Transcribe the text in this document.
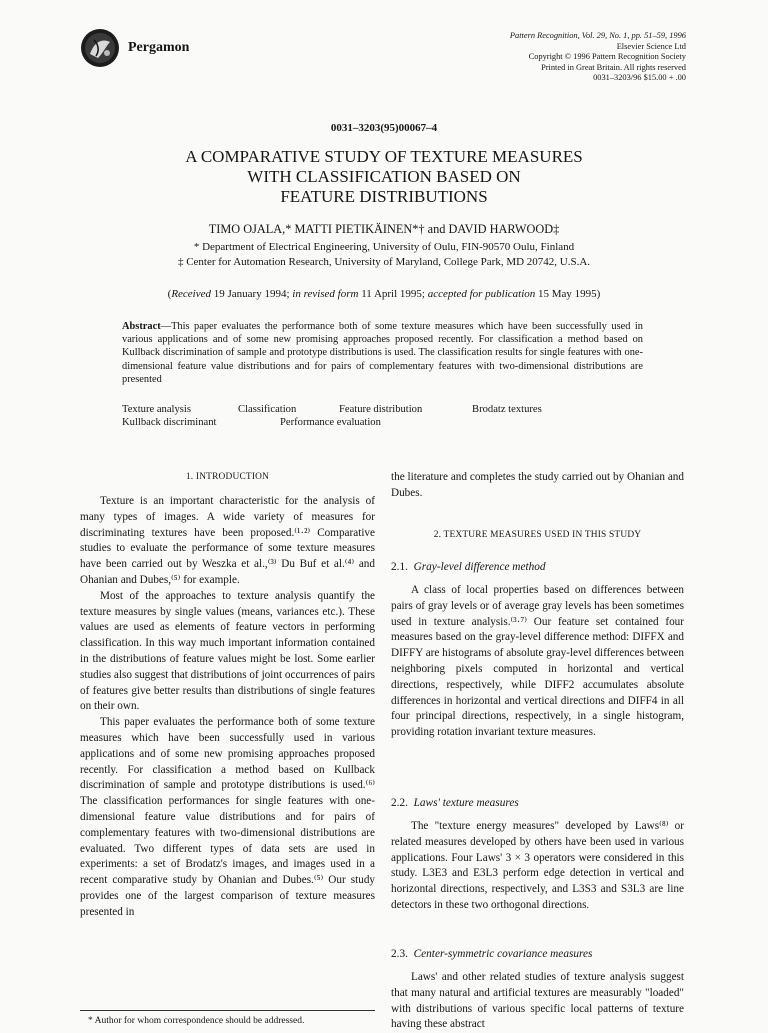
Pergamon
Pattern Recognition, Vol. 29, No. 1, pp. 51–59, 1996
Elsevier Science Ltd
Copyright © 1996 Pattern Recognition Society
Printed in Great Britain. All rights reserved
0031–3203/96 $15.00 + .00
0031–3203(95)00067–4
A COMPARATIVE STUDY OF TEXTURE MEASURES
WITH CLASSIFICATION BASED ON
FEATURE DISTRIBUTIONS
TIMO OJALA,* MATTI PIETIKÄINEN*† and DAVID HARWOOD‡
* Department of Electrical Engineering, University of Oulu, FIN-90570 Oulu, Finland
‡ Center for Automation Research, University of Maryland, College Park, MD 20742, U.S.A.
(Received 19 January 1994; in revised form 11 April 1995; accepted for publication 15 May 1995)
Abstract—This paper evaluates the performance both of some texture measures which have been successfully used in various applications and of some new promising approaches proposed recently. For classification a method based on Kullback discrimination of sample and prototype distributions is used. The classification results for single features with one-dimensional feature value distributions and for pairs of complementary features with two-dimensional distributions are presented
Texture analysis	Classification	Feature distribution	Brodatz textures
Kullback discriminant	Performance evaluation
1. INTRODUCTION

Texture is an important characteristic for the analysis of many types of images. A wide variety of measures for discriminating textures have been proposed.⁽¹·²⁾ Comparative studies to evaluate the performance of some texture measures have been carried out by Weszka et al.,⁽³⁾ Du Buf et al.⁽⁴⁾ and Ohanian and Dubes,⁽⁵⁾ for example.

Most of the approaches to texture analysis quantify the texture measures by single values (means, variances etc.). These values are used as elements of feature vectors in performing classification. In this way much important information contained in the distributions of feature values might be lost. Some earlier studies also suggest that distributions of joint occurrences of pairs of features give better results than distributions of single features on their own.

This paper evaluates the performance both of some texture measures which have been successfully used in various applications and of some new promising approaches proposed recently. For classification a method based on Kullback discrimination of sample and prototype distributions is used.⁽⁶⁾ The classification performances for single features with one-dimensional feature value distributions and for pairs of complementary features with two-dimensional distributions are evaluated. Two different types of data sets are used in experiments: a set of Brodatz's images, and images used in a recent comparative study by Ohanian and Dubes.⁽⁵⁾ Our study provides one of the largest comparison of texture measures presented in

* Author for whom correspondence should be addressed.

the literature and completes the study carried out by Ohanian and Dubes.

2. TEXTURE MEASURES USED IN THIS STUDY
2.1. Gray-level difference method

A class of local properties based on differences between pairs of gray levels or of average gray levels has been sometimes used in texture analysis.⁽³·⁷⁾ Our feature set contained four measures based on the gray-level difference method: DIFFX and DIFFY are histograms of absolute gray-level differences between neighboring pixels computed in horizontal and vertical directions, respectively, while DIFF2 accumulates absolute differences in horizontal and vertical directions and DIFF4 in all four principal directions, respectively, in a single histogram, providing rotation invariant texture measures.

2.2. Laws' texture measures

The "texture energy measures" developed by Laws⁽⁸⁾ or related measures developed by others have been used in various applications. Four Laws' 3 × 3 operators were considered in this study. L3E3 and E3L3 perform edge detection in vertical and horizontal directions, respectively, and L3S3 and S3L3 are line detectors in these two orthogonal directions.

2.3. Center-symmetric covariance measures

Laws' and other related studies of texture analysis suggest that many natural and artificial textures are measurably "loaded" with distributions of various specific local patterns of texture having these abstract
